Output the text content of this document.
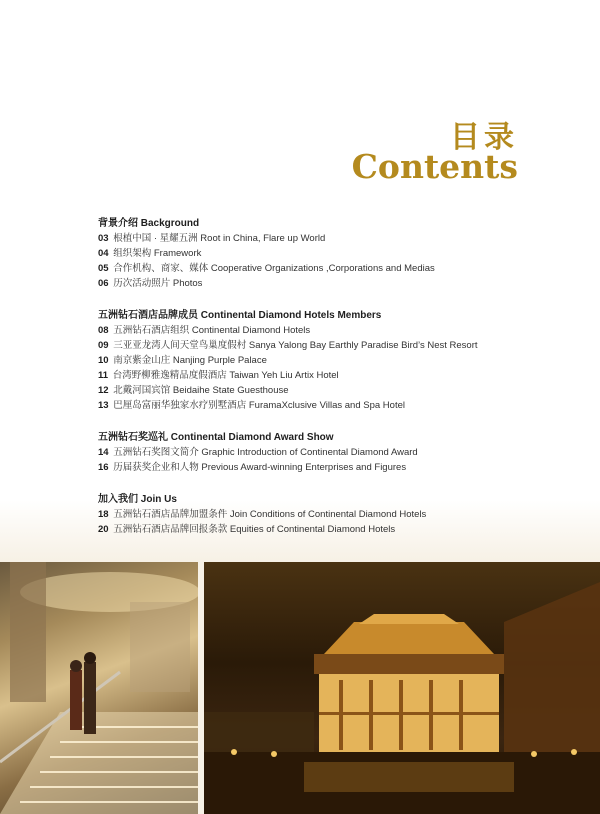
目录
Contents
背景介绍 Background
03 根植中国 · 星耀五洲 Root in China, Flare up World
04 组织架构 Framework
05 合作机构、商家、媒体 Cooperative Organizations ,Corporations and Medias
06 历次活动照片 Photos
五洲钻石酒店品牌成员 Continental Diamond Hotels Members
08 五洲钻石酒店组织 Continental Diamond Hotels
09 三亚亚龙湾人间天堂鸟巢度假村 Sanya Yalong Bay Earthly Paradise Bird’s Nest Resort
10 南京紫金山庄 Nanjing Purple Palace
11 台湾野柳雅逸精品度假酒店 Taiwan Yeh Liu Artix Hotel
12 北戴河国宾馆 Beidaihe State Guesthouse
13 巴厘岛富丽华独家水疗别墅酒店 FuramaXclusive Villas and Spa Hotel
五洲钻石奖巡礼 Continental Diamond Award Show
14 五洲钻石奖图文简介 Graphic Introduction of Continental Diamond Award
16 历届获奖企业和人物 Previous Award-winning Enterprises and Figures
加入我们 Join Us
18 五洲钻石酒店品牌加盟条件 Join Conditions of Continental Diamond Hotels
20 五洲钻石酒店品牌回报条款 Equities of Continental Diamond Hotels
